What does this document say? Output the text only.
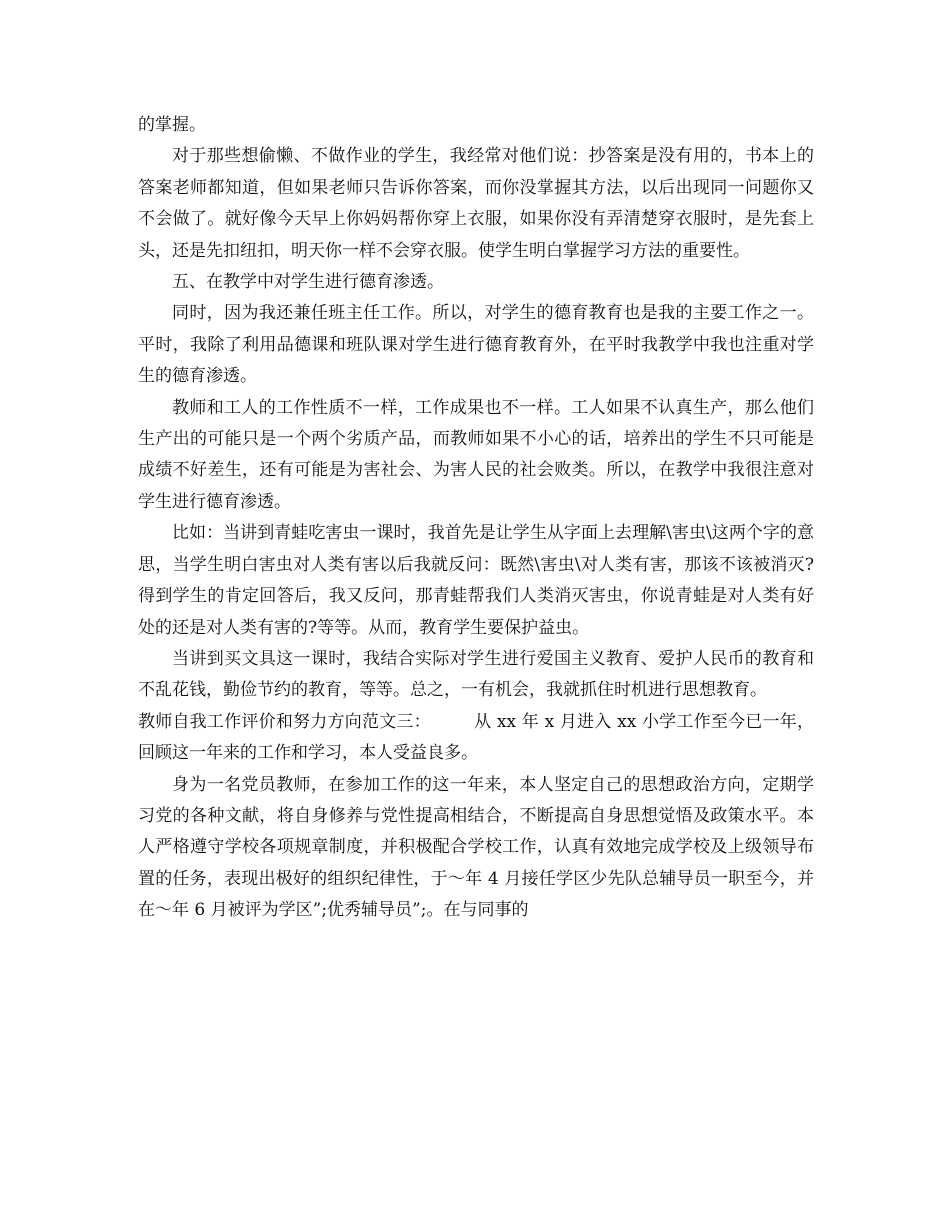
的掌握。

对于那些想偷懒、不做作业的学生，我经常对他们说：抄答案是没有用的，书本上的答案老师都知道，但如果老师只告诉你答案，而你没掌握其方法，以后出现同一问题你又不会做了。就好像今天早上你妈妈帮你穿上衣服，如果你没有弄清楚穿衣服时，是先套上头，还是先扣纽扣，明天你一样不会穿衣服。使学生明白掌握学习方法的重要性。

五、在教学中对学生进行德育渗透。

同时，因为我还兼任班主任工作。所以，对学生的德育教育也是我的主要工作之一。平时，我除了利用品德课和班队课对学生进行德育教育外，在平时我教学中我也注重对学生的德育渗透。

教师和工人的工作性质不一样，工作成果也不一样。工人如果不认真生产，那么他们生产出的可能只是一个两个劣质产品，而教师如果不小心的话，培养出的学生不只可能是成绩不好差生，还有可能是为害社会、为害人民的社会败类。所以，在教学中我很注意对学生进行德育渗透。

比如：当讲到青蛙吃害虫一课时，我首先是让学生从字面上去理解\害虫\这两个字的意思，当学生明白害虫对人类有害以后我就反问：既然\害虫\对人类有害，那该不该被消灭?得到学生的肯定回答后，我又反问，那青蛙帮我们人类消灭害虫，你说青蛙是对人类有好处的还是对人类有害的?等等。从而，教育学生要保护益虫。

当讲到买文具这一课时，我结合实际对学生进行爱国主义教育、爱护人民币的教育和不乱花钱，勤俭节约的教育，等等。总之，一有机会，我就抓住时机进行思想教育。

教师自我工作评价和努力方向范文三：　　　从 xx 年 x 月进入 xx 小学工作至今已一年，回顾这一年来的工作和学习，本人受益良多。

身为一名党员教师，在参加工作的这一年来，本人坚定自己的思想政治方向，定期学习党的各种文献，将自身修养与党性提高相结合，不断提高自身思想觉悟及政策水平。本人严格遵守学校各项规章制度，并积极配合学校工作，认真有效地完成学校及上级领导布置的任务，表现出极好的组织纪律性，于～年 4 月接任学区少先队总辅导员一职至今，并在～年 6 月被评为学区”;优秀辅导员”;。在与同事的
